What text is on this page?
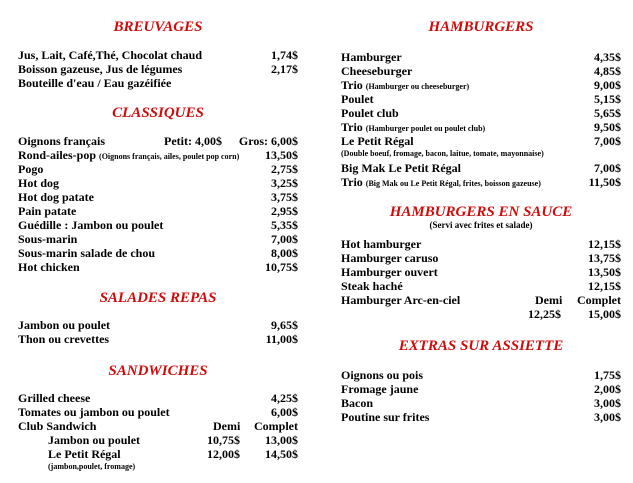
BREUVAGES
Jus, Lait, Café,Thé, Chocolat chaud	1,74$
Boisson gazeuse, Jus de légumes	2,17$
Bouteille d'eau / Eau gazéifiée
CLASSIQUES
Oignons français	Petit: 4,00$ Gros: 6,00$
Rond-ailes-pop (Oignons français, ailes, poulet pop corn) 13,50$
Pogo	2,75$
Hot dog	3,25$
Hot dog patate	3,75$
Pain patate	2,95$
Guédille : Jambon ou poulet	5,35$
Sous-marin	7,00$
Sous-marin salade de chou	8,00$
Hot chicken	10,75$
SALADES REPAS
Jambon ou poulet	9,65$
Thon ou crevettes	11,00$
SANDWICHES
Grilled cheese	4,25$
Tomates ou jambon ou poulet	6,00$
Club Sandwich	Demi Complet
Jambon ou poulet	10,75$ 13,00$
Le Petit Régal	12,00$ 14,50$
(jambon,poulet, fromage)
HAMBURGERS
Hamburger	4,35$
Cheeseburger	4,85$
Trio (Hamburger ou cheeseburger)	9,00$
Poulet	5,15$
Poulet club	5,65$
Trio (Hamburger poulet ou poulet club)	9,50$
Le Petit Régal	7,00$
(Double boeuf, fromage, bacon, laitue, tomate, mayonnaise)
Big Mak Le Petit Régal	7,00$
Trio (Big Mak ou Le Petit Régal, frites, boisson gazeuse)	11,50$
HAMBURGERS EN SAUCE
(Servi avec frites et salade)
Hot hamburger	12,15$
Hamburger caruso	13,75$
Hamburger ouvert	13,50$
Steak haché	12,15$
Hamburger Arc-en-ciel	Demi Complet
12,25$ 15,00$
EXTRAS SUR ASSIETTE
Oignons ou pois	1,75$
Fromage jaune	2,00$
Bacon	3,00$
Poutine sur frites	3,00$
